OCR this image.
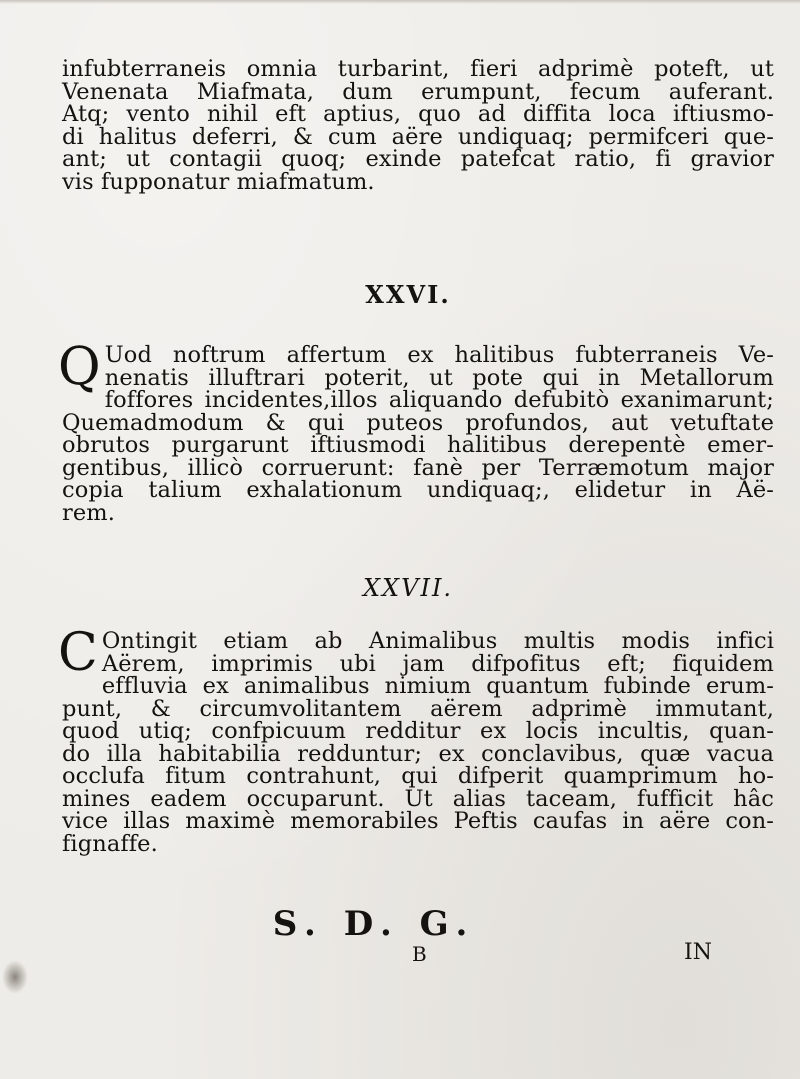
infubterraneis omnia turbarint, fieri adprimè poteft, ut
Venenata Miafmata, dum erumpunt, fecum auferant.
Atq; vento nihil eft aptius, quo ad diffita loca iftiusmo-
di halitus deferri, & cum aëre undiquaq; permifceri que-
ant; ut contagii quoq; exinde patefcat ratio, fi gravior
vis fupponatur miafmatum.
XXVI.
Q Uod noftrum affertum ex halitibus fubterraneis Ve-
nenatis illuftrari poterit, ut pote qui in Metallorum
foffores incidentes,illos aliquando defubitò exanimarunt;
Quemadmodum & qui puteos profundos, aut vetuftate
obrutos purgarunt iftiusmodi halitibus derepentè emer-
gentibus, illicò corruerunt: fanè per Terræmotum major
copia talium exhalationum undiquaq;, elidetur in Aë-
rem.
XXVII.
C Ontingit etiam ab Animalibus multis modis infici
Aërem, imprimis ubi jam difpofitus eft; fiquidem
effluvia ex animalibus nimium quantum fubinde erum-
punt, & circumvolitantem aërem adprimè immutant,
quod utiq; confpicuum redditur ex locis incultis, quan-
do illa habitabilia redduntur; ex conclavibus, quæ vacua
occlufa fitum contrahunt, qui difperit quamprimum ho-
mines eadem occuparunt. Ut alias taceam, fufficit hâc
vice illas maximè memorabiles Peftis caufas in aëre con-
fignaffe.
S. D. G.
B	IN
